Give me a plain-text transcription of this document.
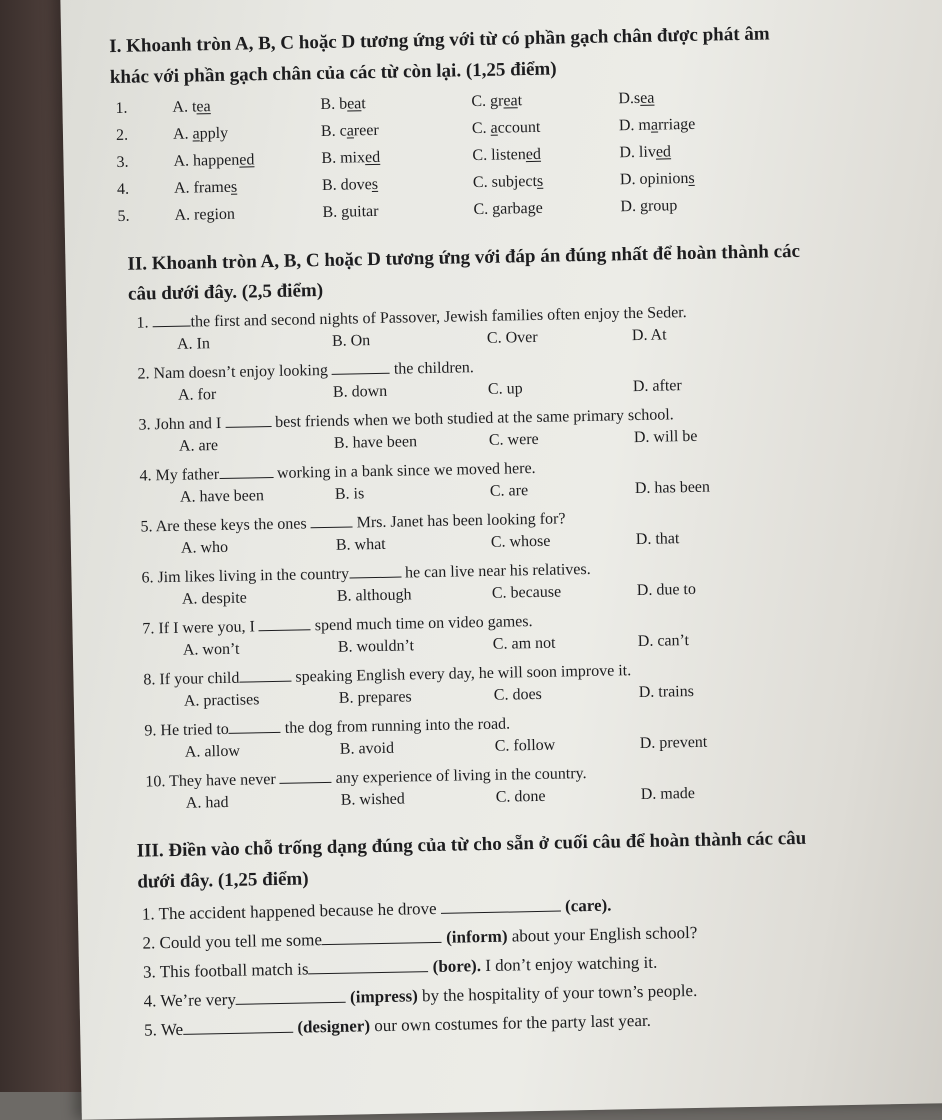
I. Khoanh tròn A, B, C hoặc D tương ứng với từ có phần gạch chân được phát âm
khác với phần gạch chân của các từ còn lại. (1,25 điểm)
1.	A. tea	B. beat	C. great	D.sea
2.	A. apply	B. career	C. account	D. marriage
3.	A. happened	B. mixed	C. listened	D. lived
4.	A. frames	B. doves	C. subjects	D. opinions
5.	A. region	B. guitar	C. garbage	D. group
II. Khoanh tròn A, B, C hoặc D tương ứng với đáp án đúng nhất để hoàn thành các
câu dưới đây. (2,5 điểm)
1. the first and second nights of Passover, Jewish families often enjoy the Seder.
A. In	B. On	C. Over	D. At
2. Nam doesn’t enjoy looking	the children.
A. for	B. down	C. up	D. after
3. John and I	best friends when we both studied at the same primary school.
A. are	B. have been	C. were	D. will be
4. My father	working in a bank since we moved here.
A. have been	B. is	C. are	D. has been
5. Are these keys the ones	Mrs. Janet has been looking for?
A. who	B. what	C. whose	D. that
6. Jim likes living in the country	he can live near his relatives.
A. despite	B. although	C. because	D. due to
7. If I were you, I	spend much time on video games.
A. won’t	B. wouldn’t	C. am not	D. can’t
8. If your child	speaking English every day, he will soon improve it.
A. practises	B. prepares	C. does	D. trains
9. He tried to	the dog from running into the road.
A. allow	B. avoid	C. follow	D. prevent
10. They have never	any experience of living in the country.
A. had	B. wished	C. done	D. made
III. Điền vào chỗ trống dạng đúng của từ cho sẵn ở cuối câu để hoàn thành các câu
dưới đây. (1,25 điểm)
1. The accident happened because he drove	(care).
2. Could you tell me some	(inform) about your English school?
3. This football match is	(bore). I don’t enjoy watching it.
4. We’re very	(impress) by the hospitality of your town’s people.
5. We	(designer) our own costumes for the party last year.
